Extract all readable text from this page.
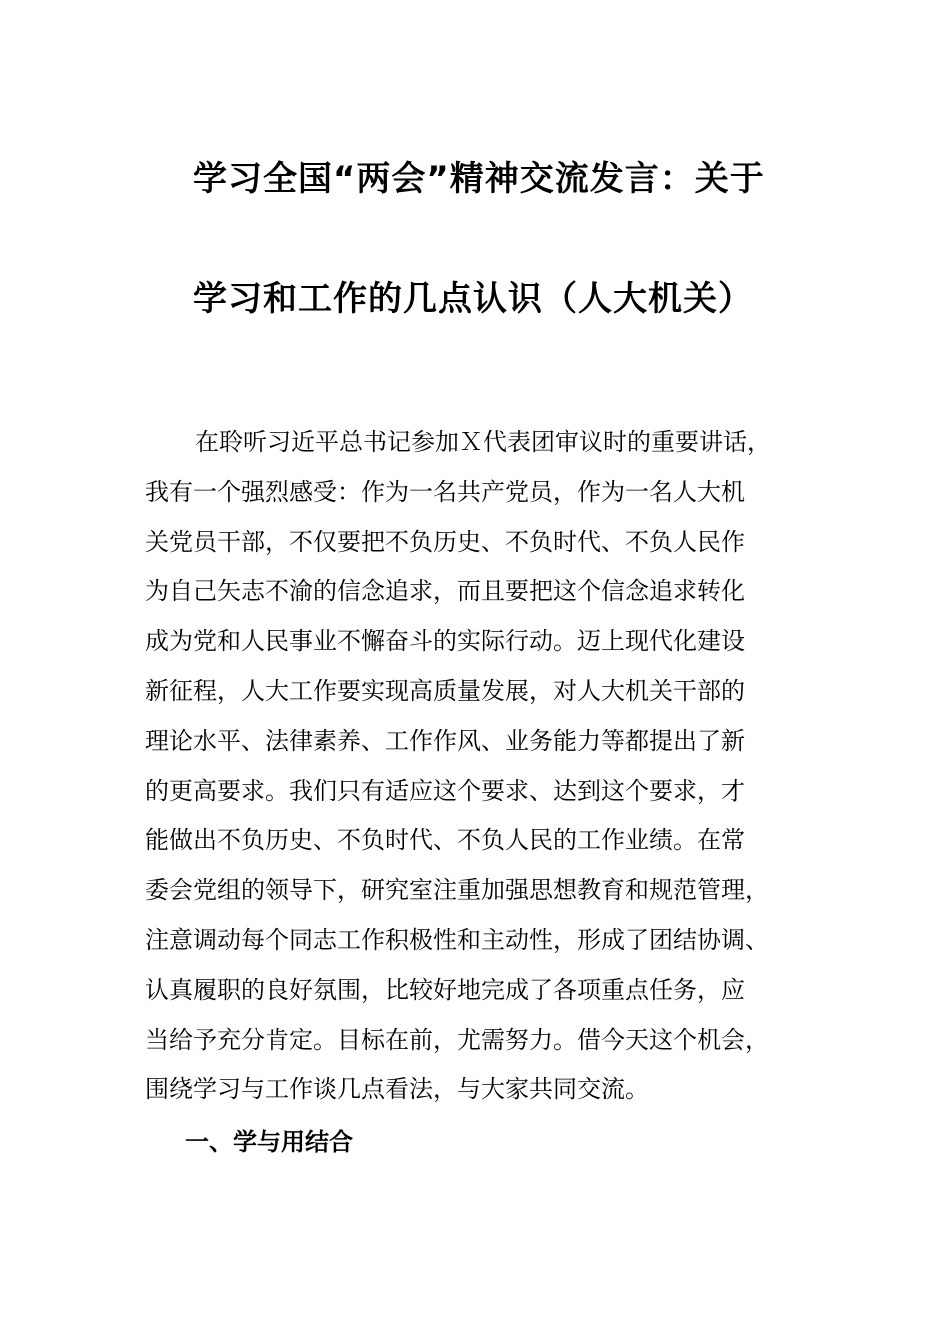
学习全国“两会”精神交流发言：关于
学习和工作的几点认识（人大机关）
在聆听习近平总书记参加Ｘ代表团审议时的重要讲话，
我有一个强烈感受：作为一名共产党员，作为一名人大机
关党员干部，不仅要把不负历史、不负时代、不负人民作
为自己矢志不渝的信念追求，而且要把这个信念追求转化
成为党和人民事业不懈奋斗的实际行动。迈上现代化建设
新征程，人大工作要实现高质量发展，对人大机关干部的
理论水平、法律素养、工作作风、业务能力等都提出了新
的更高要求。我们只有适应这个要求、达到这个要求，才
能做出不负历史、不负时代、不负人民的工作业绩。在常
委会党组的领导下，研究室注重加强思想教育和规范管理，
注意调动每个同志工作积极性和主动性，形成了团结协调、
认真履职的良好氛围，比较好地完成了各项重点任务，应
当给予充分肯定。目标在前，尤需努力。借今天这个机会，
围绕学习与工作谈几点看法，与大家共同交流。
一、学与用结合
